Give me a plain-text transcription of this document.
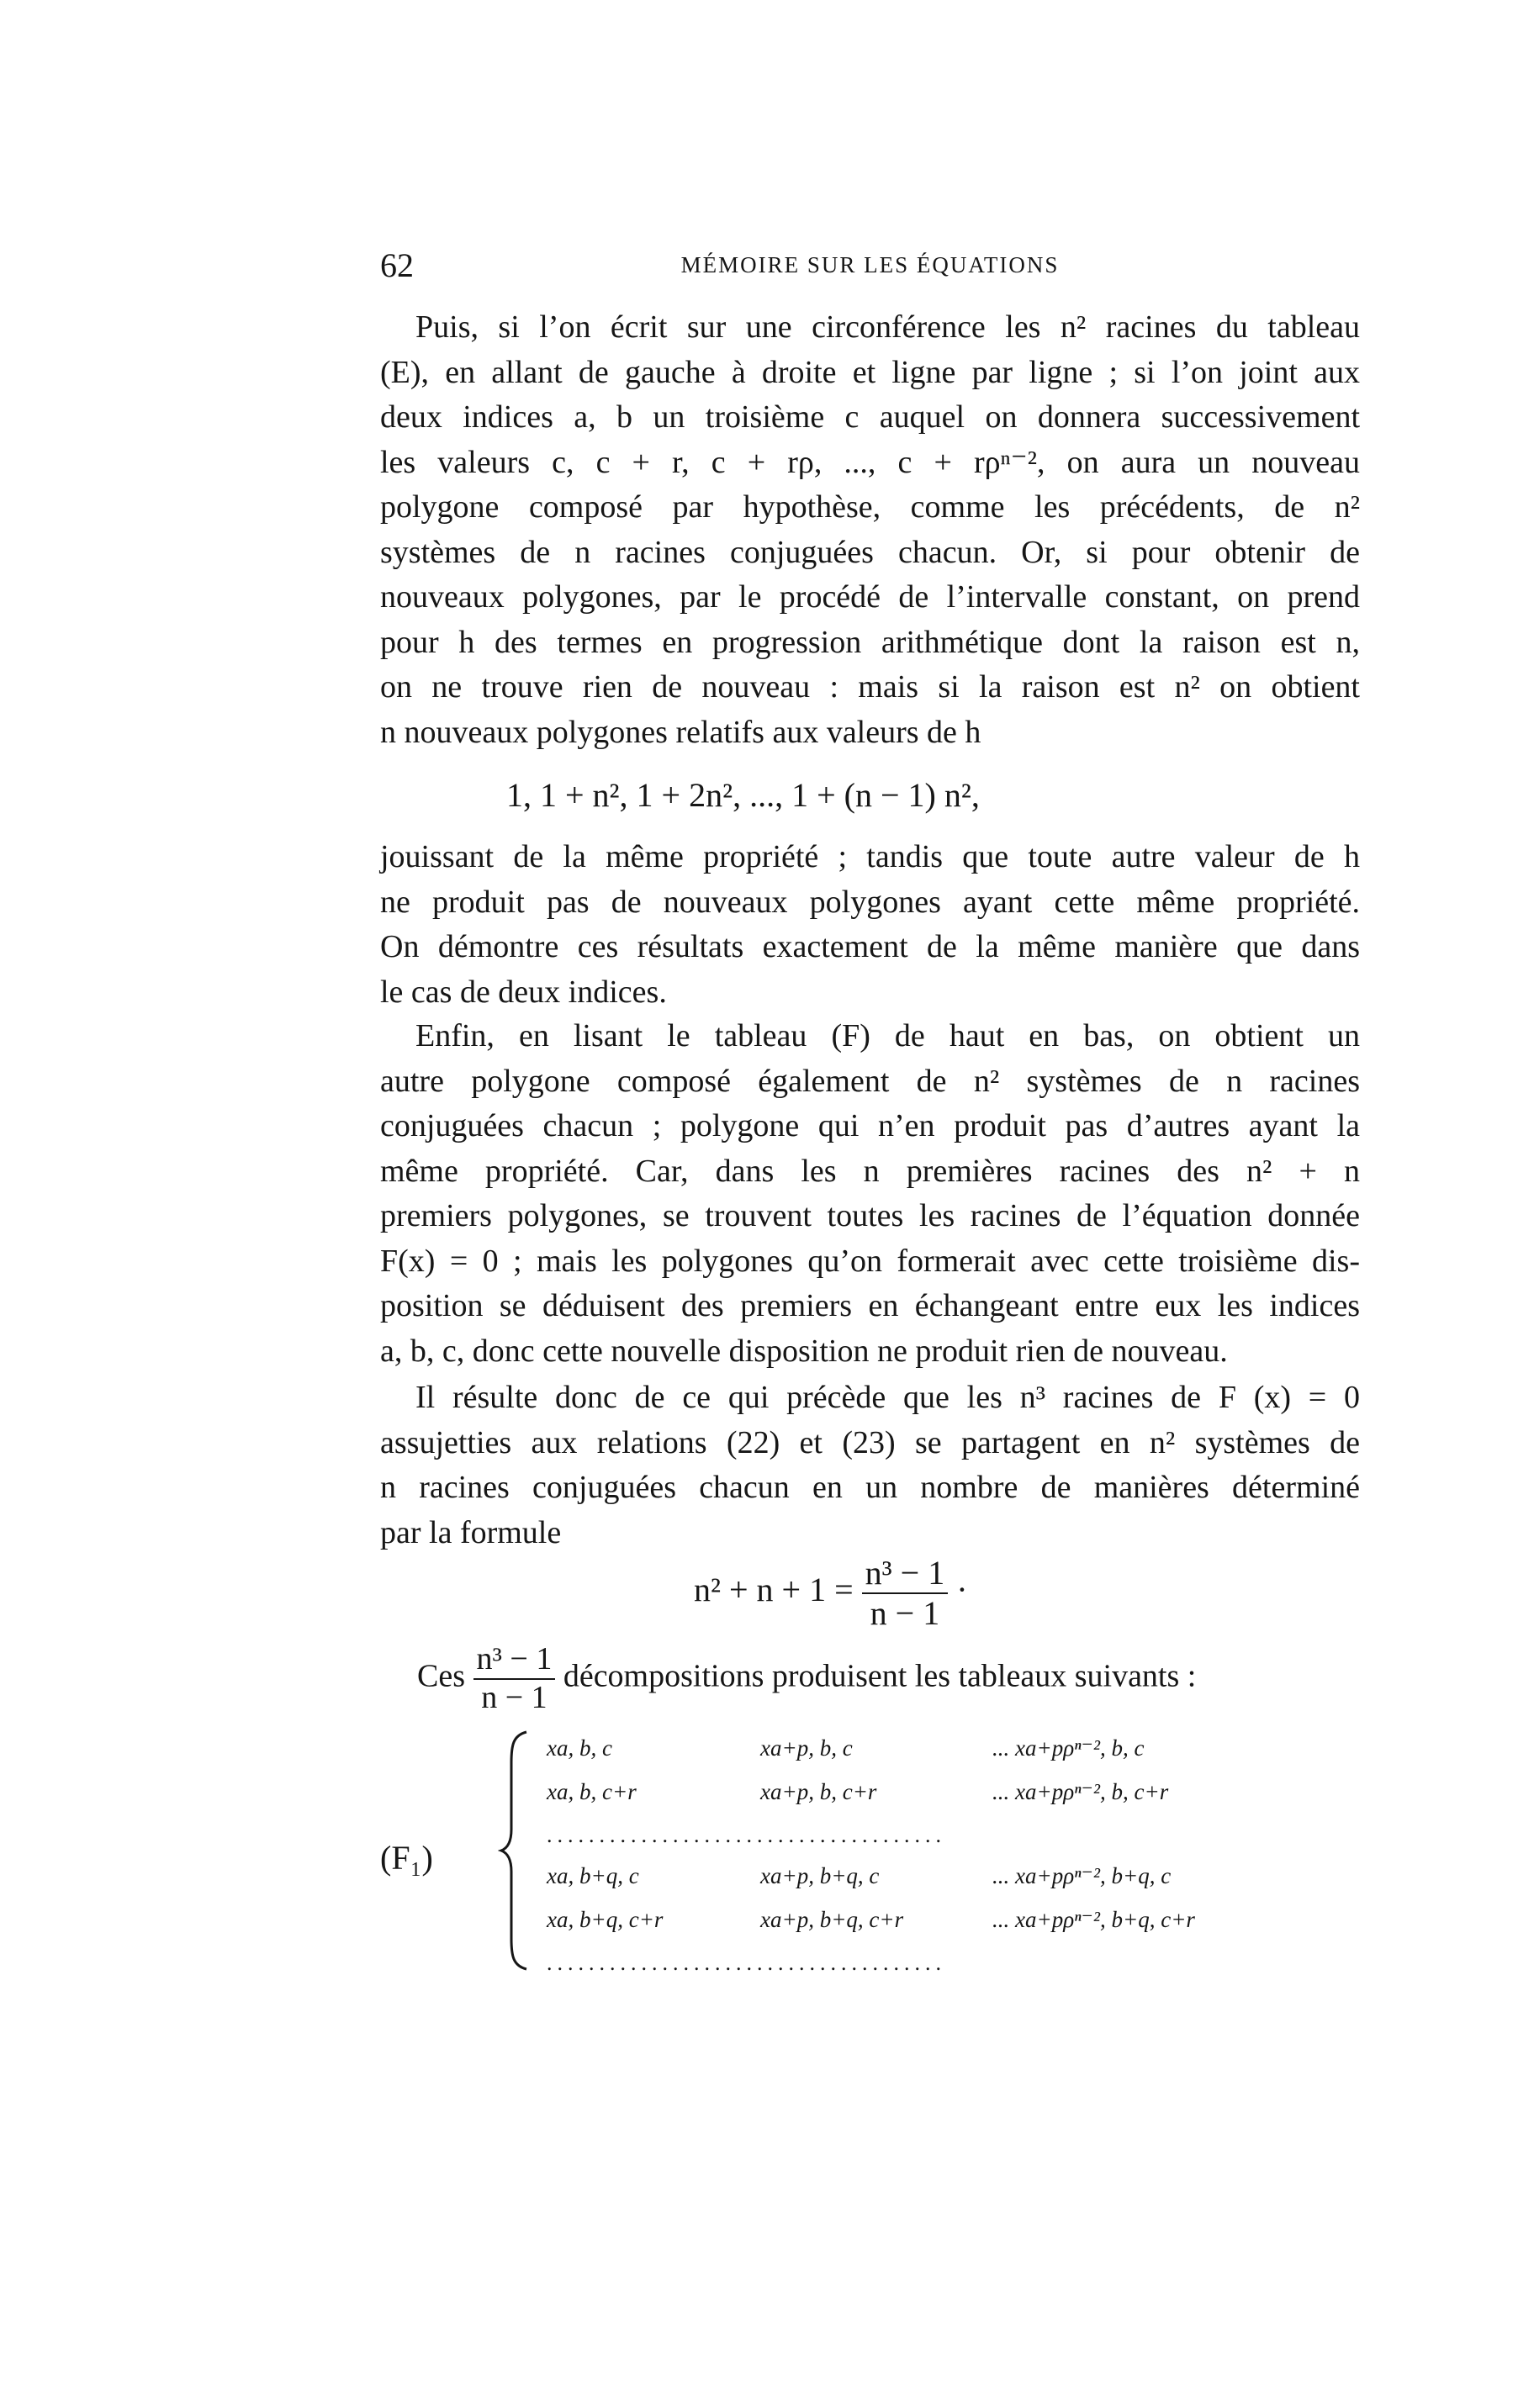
62	MÉMOIRE SUR LES ÉQUATIONS
Puis, si l’on écrit sur une circonférence les n² racines du tableau
(E), en allant de gauche à droite et ligne par ligne ; si l’on joint aux
deux indices a, b un troisième c auquel on donnera successivement
les valeurs c, c + r, c + rρ, ..., c + rρⁿ⁻², on aura un nouveau
polygone composé par hypothèse, comme les précédents, de n²
systèmes de n racines conjuguées chacun. Or, si pour obtenir de
nouveaux polygones, par le procédé de l’intervalle constant, on prend
pour h des termes en progression arithmétique dont la raison est n,
on ne trouve rien de nouveau : mais si la raison est n² on obtient
n nouveaux polygones relatifs aux valeurs de h
1, 1 + n², 1 + 2n², ..., 1 + (n − 1) n²,
jouissant de la même propriété ; tandis que toute autre valeur de h
ne produit pas de nouveaux polygones ayant cette même propriété.
On démontre ces résultats exactement de la même manière que dans
le cas de deux indices.
Enfin, en lisant le tableau (F) de haut en bas, on obtient un
autre polygone composé également de n² systèmes de n racines
conjuguées chacun ; polygone qui n’en produit pas d’autres ayant la
même propriété. Car, dans les n premières racines des n² + n
premiers polygones, se trouvent toutes les racines de l’équation donnée
F(x) = 0 ; mais les polygones qu’on formerait avec cette troisième dis-
position se déduisent des premiers en échangeant entre eux les indices
a, b, c, donc cette nouvelle disposition ne produit rien de nouveau.
Il résulte donc de ce qui précède que les n³ racines de F (x) = 0
assujetties aux relations (22) et (23) se partagent en n² systèmes de
n racines conjuguées chacun en un nombre de manières déterminé
par la formule
$n^2 + n + 1 = \frac{\text{n³ − 1}}{n - 1}$ ·
Ces $\frac{\text{n³ − 1}}{n - 1}$ décompositions produisent les tableaux suivants :
(F₁)
xa, b, c	xa+p, b, c	... xa+pρⁿ⁻², b, c
xa, b, c+r	xa+p, b, c+r	... xa+pρⁿ⁻², b, c+r
......................................
xa, b+q, c	xa+p, b+q, c	... xa+pρⁿ⁻², b+q, c
xa, b+q, c+r	xa+p, b+q, c+r	... xa+pρⁿ⁻², b+q, c+r
......................................
